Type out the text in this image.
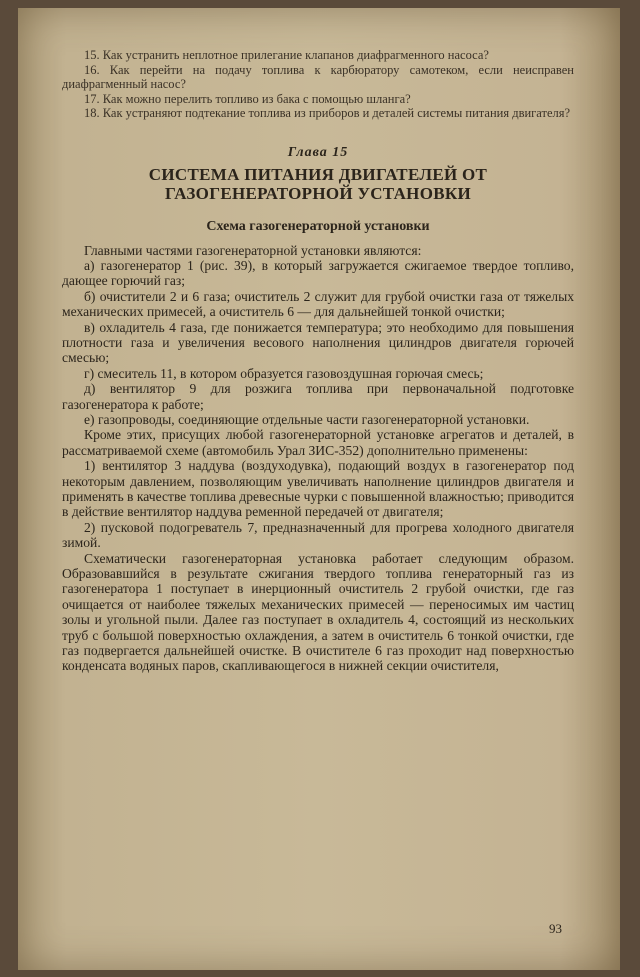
15. Как устранить неплотное прилегание клапанов диафрагменного насоса?

16. Как перейти на подачу топлива к карбюратору самотеком, если неисправен диафрагменный насос?

17. Как можно перелить топливо из бака с помощью шланга?

18. Как устраняют подтекание топлива из приборов и деталей системы питания двигателя?

Глава 15
СИСТЕМА ПИТАНИЯ ДВИГАТЕЛЕЙ ОТ ГАЗОГЕНЕРАТОРНОЙ УСТАНОВКИ
Схема газогенераторной установки

Главными частями газогенераторной установки являются:

а) газогенератор 1 (рис. 39), в который загружается сжигаемое твердое топливо, дающее горючий газ;

б) очистители 2 и 6 газа; очиститель 2 служит для грубой очистки газа от тяжелых механических примесей, а очиститель 6 — для дальнейшей тонкой очистки;

в) охладитель 4 газа, где понижается температура; это необходимо для повышения плотности газа и увеличения весового наполнения цилиндров двигателя горючей смесью;

г) смеситель 11, в котором образуется газовоздушная горючая смесь;

д) вентилятор 9 для розжига топлива при первоначальной подготовке газогенератора к работе;

е) газопроводы, соединяющие отдельные части газогенераторной установки.

Кроме этих, присущих любой газогенераторной установке агрегатов и деталей, в рассматриваемой схеме (автомобиль Урал ЗИС-352) дополнительно применены:

1) вентилятор 3 наддува (воздуходувка), подающий воздух в газогенератор под некоторым давлением, позволяющим увеличивать наполнение цилиндров двигателя и применять в качестве топлива древесные чурки с повышенной влажностью; приводится в действие вентилятор наддува ременной передачей от двигателя;

2) пусковой подогреватель 7, предназначенный для прогрева холодного двигателя зимой.

Схематически газогенераторная установка работает следующим образом. Образовавшийся в результате сжигания твердого топлива генераторный газ из газогенератора 1 поступает в инерционный очиститель 2 грубой очистки, где газ очищается от наиболее тяжелых механических примесей — переносимых им частиц золы и угольной пыли. Далее газ поступает в охладитель 4, состоящий из нескольких труб с большой поверхностью охлаждения, а затем в очиститель 6 тонкой очистки, где газ подвергается дальнейшей очистке. В очистителе 6 газ проходит над поверхностью конденсата водяных паров, скапливающегося в нижней секции очистителя,

93
